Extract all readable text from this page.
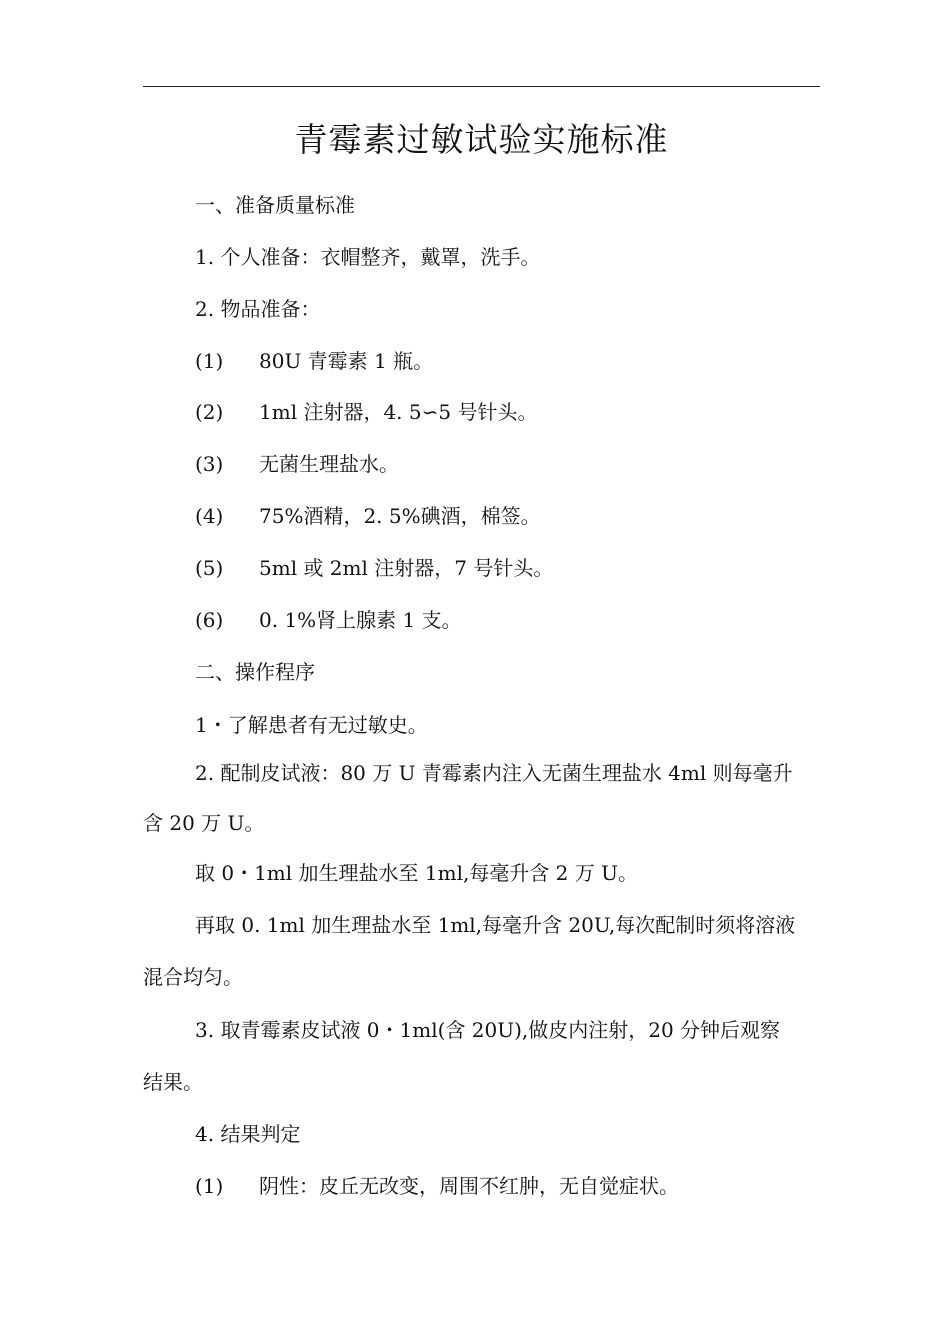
青霉素过敏试验实施标准

一、准备质量标准

1. 个人准备：衣帽整齐，戴罩，洗手。

2. 物品准备：

(1) 80U 青霉素 1 瓶。

(2) 1ml 注射器，4. 5∽5 号针头。

(3) 无菌生理盐水。

(4) 75%酒精，2. 5%碘酒，棉签。

(5) 5ml 或 2ml 注射器，7 号针头。

(6) 0. 1%肾上腺素 1 支。

二、操作程序

1・了解患者有无过敏史。

2. 配制皮试液：80 万 U 青霉素内注入无菌生理盐水 4ml 则每毫升

含 20 万 U。

取 0・1ml 加生理盐水至 1ml,每毫升含 2 万 U。

再取 0. 1ml 加生理盐水至 1ml,每毫升含 20U,每次配制时须将溶液

混合均匀。

3. 取青霉素皮试液 0・1ml(含 20U),做皮内注射，20 分钟后观察

结果。

4. 结果判定

(1) 阴性：皮丘无改变，周围不红肿，无自觉症状。
